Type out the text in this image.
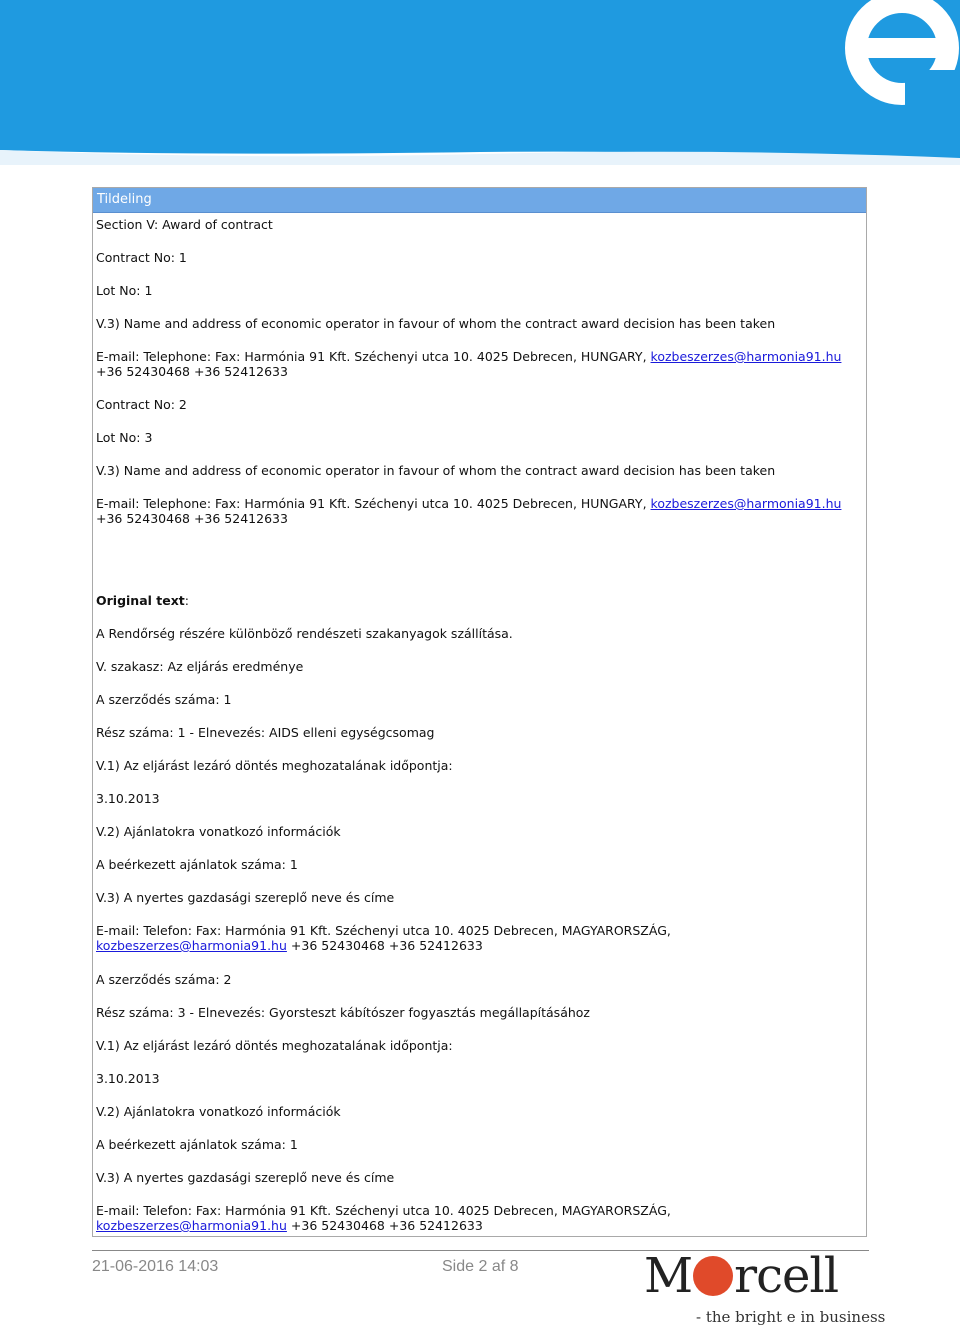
Tildeling
Section V: Award of contract
Contract No: 1
Lot No: 1
V.3) Name and address of economic operator in favour of whom the contract award decision has been taken
E-mail: Telephone: Fax: Harmónia 91 Kft. Széchenyi utca 10. 4025 Debrecen, HUNGARY, kozbeszerzes@harmonia91.hu +36 52430468 +36 52412633
Contract No: 2
Lot No: 3
V.3) Name and address of economic operator in favour of whom the contract award decision has been taken
E-mail: Telephone: Fax: Harmónia 91 Kft. Széchenyi utca 10. 4025 Debrecen, HUNGARY, kozbeszerzes@harmonia91.hu +36 52430468 +36 52412633
Original text:
A Rendőrség részére különböző rendészeti szakanyagok szállítása.
V. szakasz: Az eljárás eredménye
A szerződés száma: 1
Rész száma: 1 - Elnevezés: AIDS elleni egységcsomag
V.1) Az eljárást lezáró döntés meghozatalának időpontja:
3.10.2013
V.2) Ajánlatokra vonatkozó információk
A beérkezett ajánlatok száma: 1
V.3) A nyertes gazdasági szereplő neve és címe
E-mail: Telefon: Fax: Harmónia 91 Kft. Széchenyi utca 10. 4025 Debrecen, MAGYARORSZÁG, kozbeszerzes@harmonia91.hu +36 52430468 +36 52412633
A szerződés száma: 2
Rész száma: 3 - Elnevezés: Gyorsteszt kábítószer fogyasztás megállapításához
V.1) Az eljárást lezáró döntés meghozatalának időpontja:
3.10.2013
V.2) Ajánlatokra vonatkozó információk
A beérkezett ajánlatok száma: 1
V.3) A nyertes gazdasági szereplő neve és címe
E-mail: Telefon: Fax: Harmónia 91 Kft. Széchenyi utca 10. 4025 Debrecen, MAGYARORSZÁG, kozbeszerzes@harmonia91.hu +36 52430468 +36 52412633
21-06-2016 14:03	Side 2 af 8	M rcell
- the bright e in business
